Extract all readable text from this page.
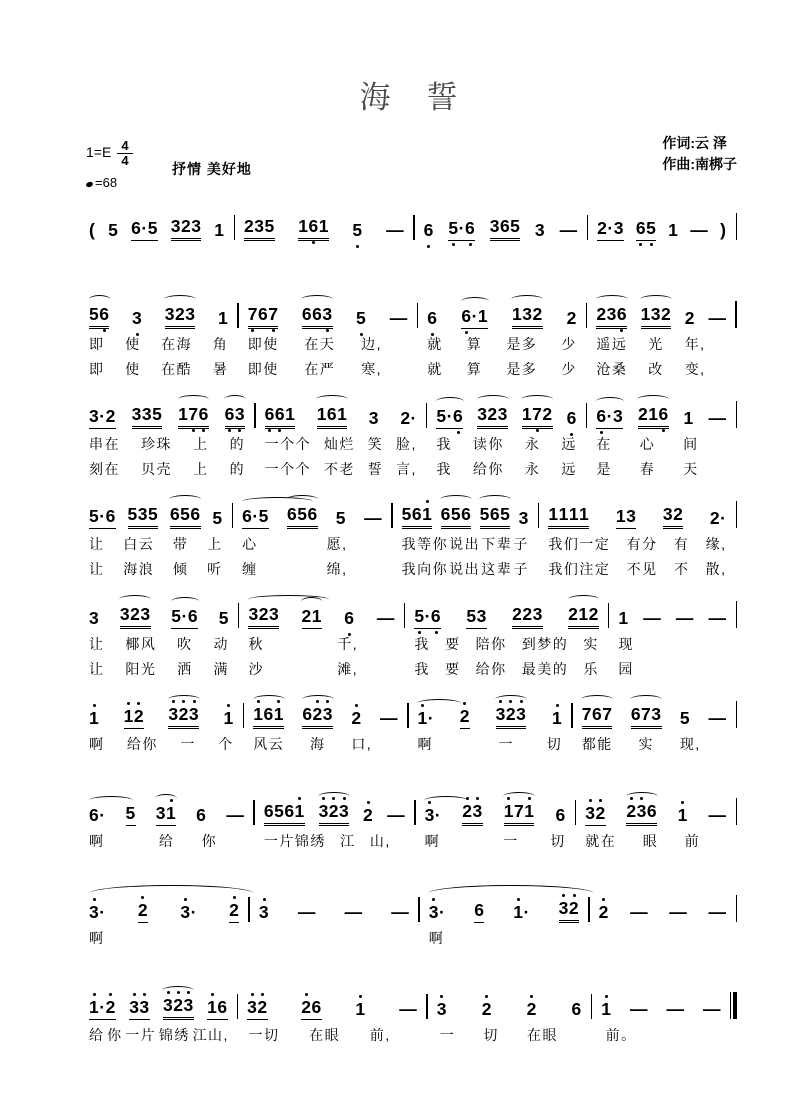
海誓
$1=E \frac{4}{4}$
=68
抒情 美好地
作词:云 泽
作曲:南梆子
( 5 6·5 323 1 235 16
1 5 — 6 5
·6 365 3 — 2·3 6
5 1 — )
56 3 323 1 7
67 663 5 — 6 6
·1 132 2 236 132 2 —
即 使 在海 角 即使 在天 边,	就 算 是多 少 遥远 光 年,
即 使 在酷 暑 即使 在严 寒,	就 算 是多 少 沧桑 改 变,
3·2 335 17
6 6
3 6
6
1 161 3 2· 5·6 323 17
2 6 6
·3 216 1 —
串在 珍珠 上 的 一个个 灿烂 笑 脸, 我 读你 永 远 在 心 间
刻在 贝壳 上 的 一个个 不老 誓 言, 我 给你 永 远 是 春 天
5·6 535 656 5 6·5 656 5 — 561 656 565 3 1111 13 32 2·
让 白云 带 上 心	愿,	我等你 说出 下辈 子 我们一定 有分 有 缘,
让 海浪 倾 听 缠	绵,	我向你 说出 这辈 子 我们注定 不见 不 散,
3 323 5·6 5 323 21 6 — 5
·6 53 223 212 1 — — —
让 椰风 吹 动 秋	千,	我 要 陪你 到梦的 实 现
让 阳光 洒 满 沙	滩,	我 要 给你 最美的 乐 园
1 1
2 3
2
3 1 1
61 62
3 2 — 1
· 2 3
2
3 1 767 673 5 —
啊 给你 一 个 风云 海 口,	啊	一 切 都能 实 现,
6· 5 31 6 — 6561 3
2
3 2 — 3
· 2
3 1
71 6 3
2 2
3
6 1 —
啊	给 你	一片锦绣 江 山, 啊	一 切 就在 眼 前
3
· 2 3
· 2 3 — — — 3
· 6 1
· 3
2 2 — — —
啊	啊
1
·2 3
3 3
2
3 1
6 3
2 2
6 1 — 3 2 2 6 1 — — —
给 你 一片 锦绣 江山, 一切 在眼 前,	一 切 在眼	前。
